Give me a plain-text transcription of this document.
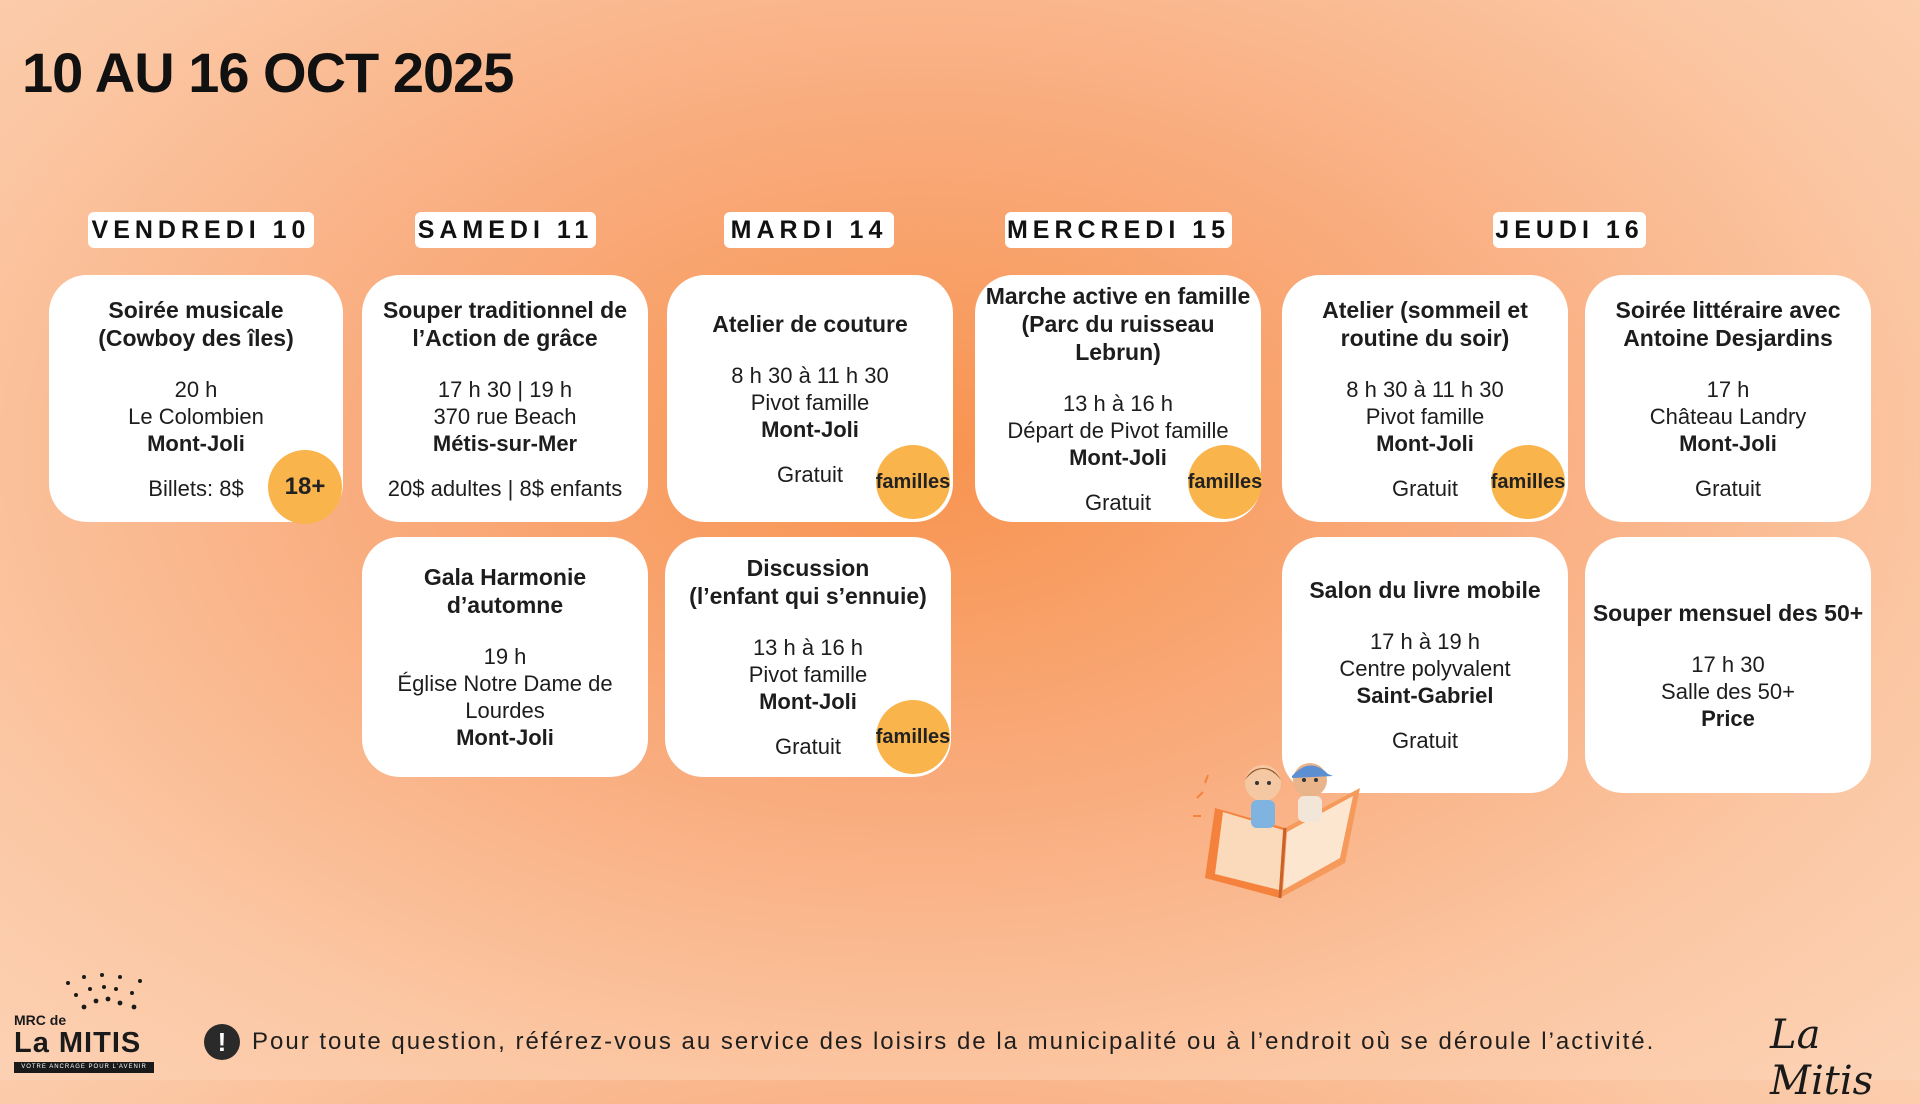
10 AU 16 OCT 2025
VENDREDI 10	SAMEDI 11	MARDI 14	MERCREDI 15	JEUDI 16
Soirée musicale
(Cowboy des îles)
20 h
Le Colombien
Mont-Joli
Billets: 8$	18+
Souper traditionnel de
l’Action de grâce
17 h 30 | 19 h
370 rue Beach
Métis-sur-Mer
20$ adultes | 8$ enfants
Gala Harmonie d’automne
19 h
Église Notre Dame de
Lourdes
Mont-Joli
Atelier de couture
8 h 30 à 11 h 30
Pivot famille
Mont-Joli
Gratuit familles
Discussion
(l’enfant qui s’ennuie)
13 h à 16 h
Pivot famille
Mont-Joli
Gratuit familles
Marche active en famille
(Parc du ruisseau Lebrun)
13 h à 16 h
Départ de Pivot famille
Mont-Joli
Gratuit
familles
Atelier (sommeil et
routine du soir)
8 h 30 à 11 h 30
Pivot famille
Mont-Joli
Gratuit familles
Salon du livre mobile
17 h à 19 h
Centre polyvalent
Saint-Gabriel
Gratuit
Soirée littéraire avec
Antoine Desjardins
17 h
Château Landry
Mont-Joli
Gratuit
Souper mensuel des 50+
17 h 30
Salle des 50+
Price
MRC de
La MITIS
VOTRE ANCRAGE POUR L’AVENIR
!	Pour toute question, référez-vous au service des loisirs de la municipalité ou à l’endroit où se déroule l’activité.	La Mitis
